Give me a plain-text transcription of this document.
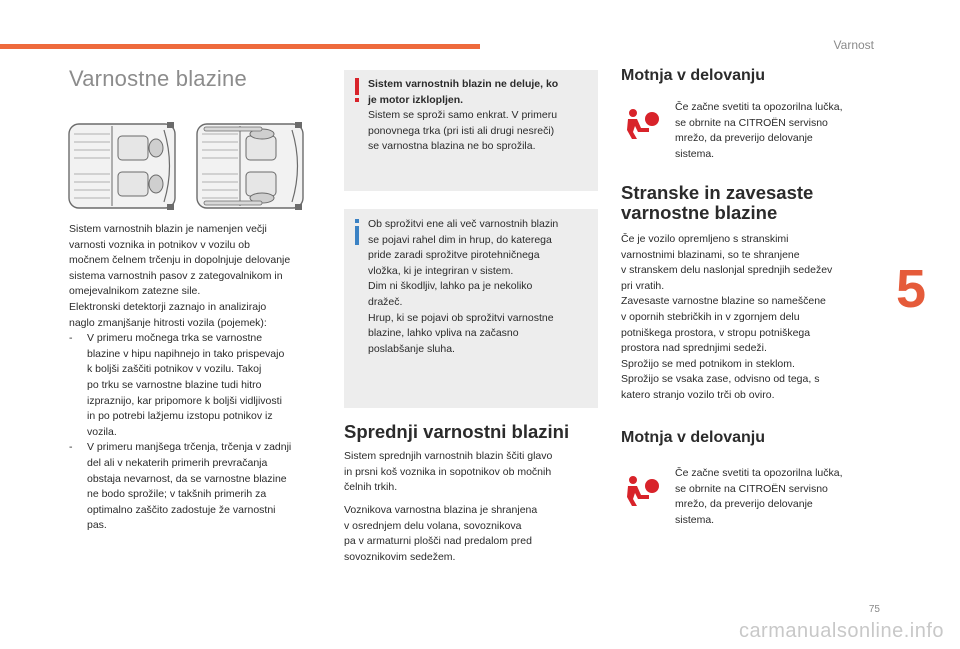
Varnost
Varnostne blazine

Sistem varnostnih blazin je namenjen večji

varnosti voznika in potnikov v vozilu ob

močnem čelnem trčenju in dopolnjuje delovanje

sistema varnostnih pasov z zategovalnikom in

omejevalnikom zatezne sile.

Elektronski detektorji zaznajo in analizirajo

naglo zmanjšanje hitrosti vozila (pojemek):

- V primeru močnega trka se varnostne

blazine v hipu napihnejo in tako prispevajo

k boljši zaščiti potnikov v vozilu. Takoj

po trku se varnostne blazine tudi hitro

izpraznijo, kar pripomore k boljši vidljivosti

in po potrebi lažjemu izstopu potnikov iz

vozila.

- V primeru manjšega trčenja, trčenja v zadnji

del ali v nekaterih primerih prevračanja

obstaja nevarnost, da se varnostne blazine

ne bodo sprožile; v takšnih primerih za

optimalno zaščito zadostuje že varnostni

pas.

Sistem varnostnih blazin ne deluje, ko

je motor izklopljen.

Sistem se sproži samo enkrat. V primeru

ponovnega trka (pri isti ali drugi nesreči)

se varnostna blazina ne bo sprožila.

Ob sprožitvi ene ali več varnostnih blazin

se pojavi rahel dim in hrup, do katerega

pride zaradi sprožitve pirotehničnega

vložka, ki je integriran v sistem.

Dim ni škodljiv, lahko pa je nekoliko

dražeč.

Hrup, ki se pojavi ob sprožitvi varnostne

blazine, lahko vpliva na začasno

poslabšanje sluha.

Sprednji varnostni blazini

Sistem sprednjih varnostnih blazin ščiti glavo

in prsni koš voznika in sopotnikov ob močnih

čelnih trkih.

Voznikova varnostna blazina je shranjena

v osrednjem delu volana, sovoznikova

pa v armaturni plošči nad predalom pred

sovoznikovim sedežem.

Motnja v delovanju

Če začne svetiti ta opozorilna lučka,

se obrnite na CITROËN servisno

mrežo, da preverijo delovanje

sistema.

Stranske in zavesaste
varnostne blazine

Če je vozilo opremljeno s stranskimi

varnostnimi blazinami, so te shranjene

v stranskem delu naslonjal sprednjih sedežev

pri vratih.

Zavesaste varnostne blazine so nameščene

v opornih stebričkih in v zgornjem delu

potniškega prostora, v stropu potniškega

prostora nad sprednjimi sedeži.

Sprožijo se med potnikom in steklom.

Sprožijo se vsaka zase, odvisno od tega, s

katero stranjo vozilo trči ob oviro.

Motnja v delovanju

Če začne svetiti ta opozorilna lučka,

se obrnite na CITROËN servisno

mrežo, da preverijo delovanje

sistema.

5
75
carmanualsonline.info
